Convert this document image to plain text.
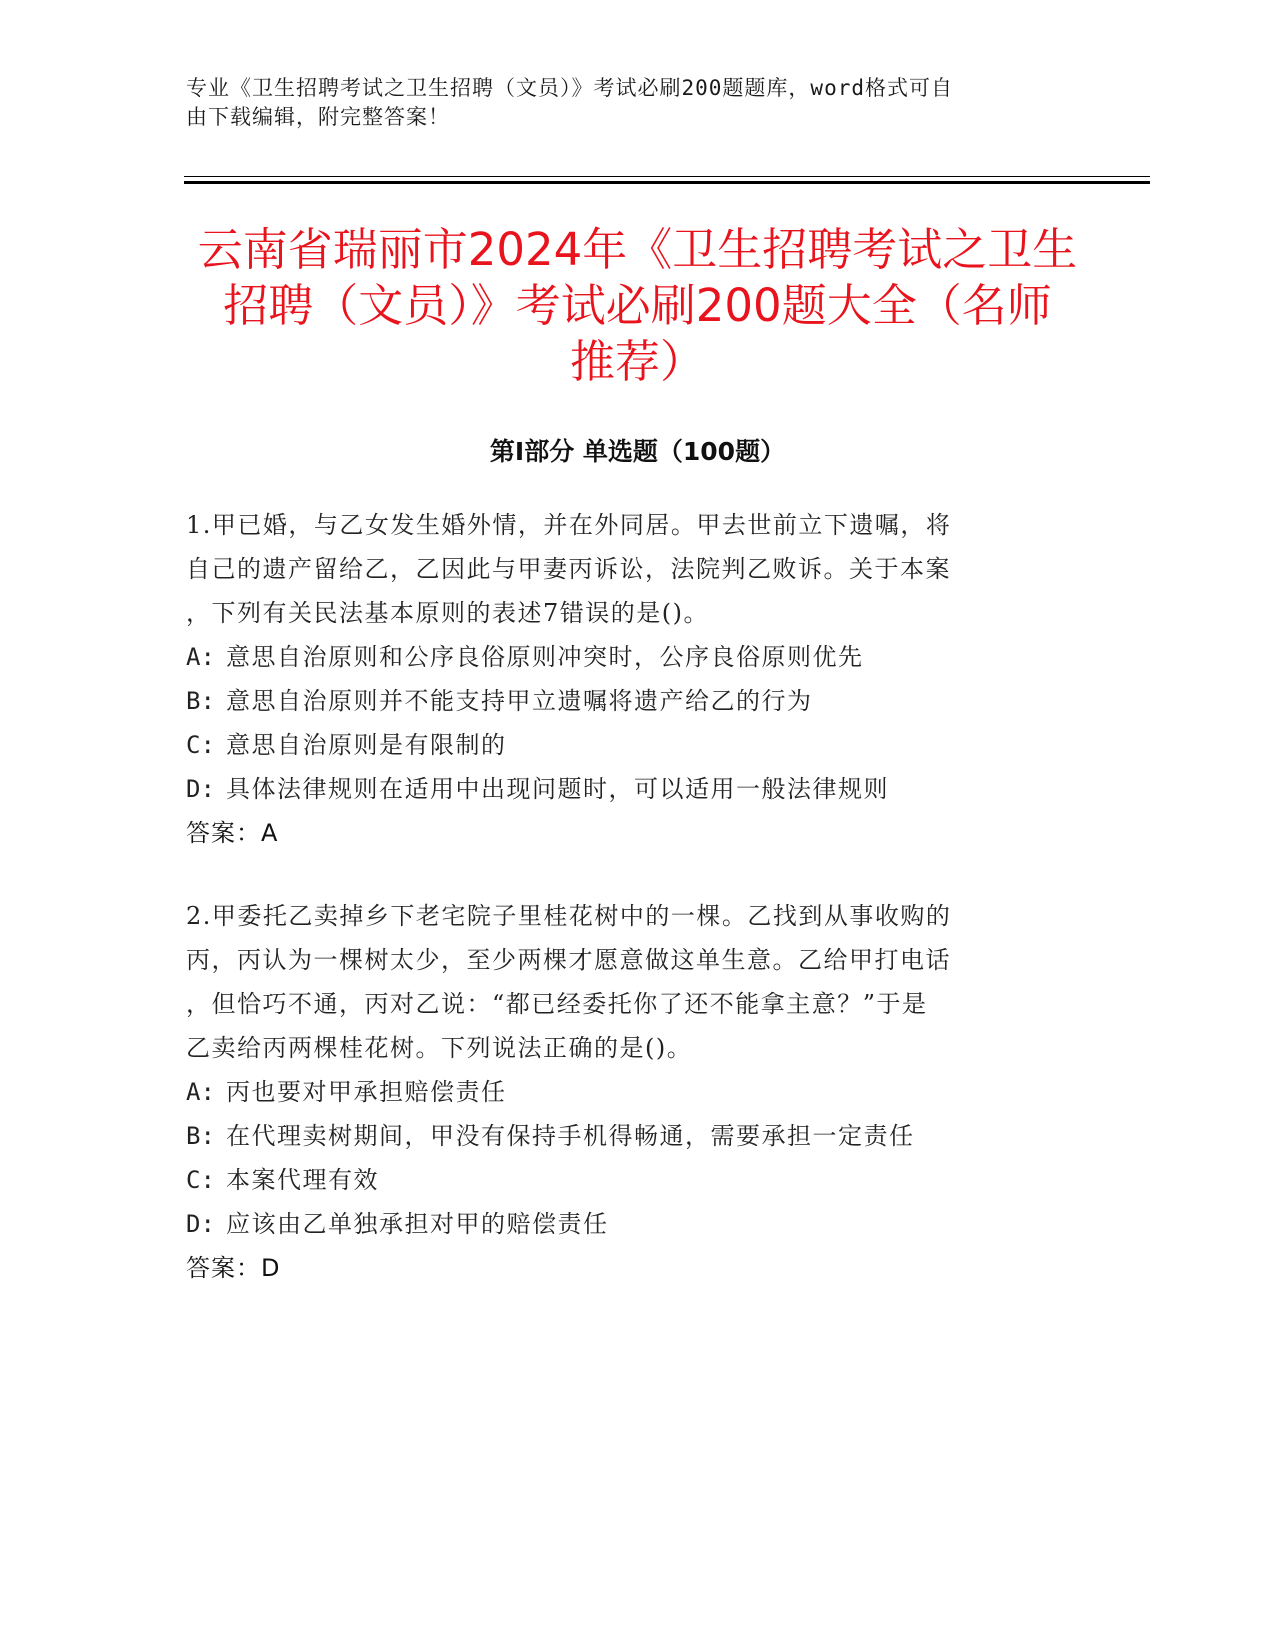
专业《卫生招聘考试之卫生招聘（文员）》考试必刷200题题库，word格式可自

由下载编辑，附完整答案！

云南省瑞丽市2024年《卫生招聘考试之卫生
招聘（文员）》考试必刷200题大全（名师
推荐）
第Ⅰ部分 单选题（100题）

1.甲已婚，与乙女发生婚外情，并在外同居。甲去世前立下遗嘱，将

自己的遗产留给乙，乙因此与甲妻丙诉讼，法院判乙败诉。关于本案

，下列有关民法基本原则的表述7错误的是()。

A: 意思自治原则和公序良俗原则冲突时，公序良俗原则优先

B: 意思自治原则并不能支持甲立遗嘱将遗产给乙的行为

C: 意思自治原则是有限制的

D: 具体法律规则在适用中出现问题时，可以适用一般法律规则

答案：A

2.甲委托乙卖掉乡下老宅院子里桂花树中的一棵。乙找到从事收购的

丙，丙认为一棵树太少，至少两棵才愿意做这单生意。乙给甲打电话

，但恰巧不通，丙对乙说：“都已经委托你了还不能拿主意？”于是

乙卖给丙两棵桂花树。下列说法正确的是()。

A: 丙也要对甲承担赔偿责任

B: 在代理卖树期间，甲没有保持手机得畅通，需要承担一定责任

C: 本案代理有效

D: 应该由乙单独承担对甲的赔偿责任

答案：D
